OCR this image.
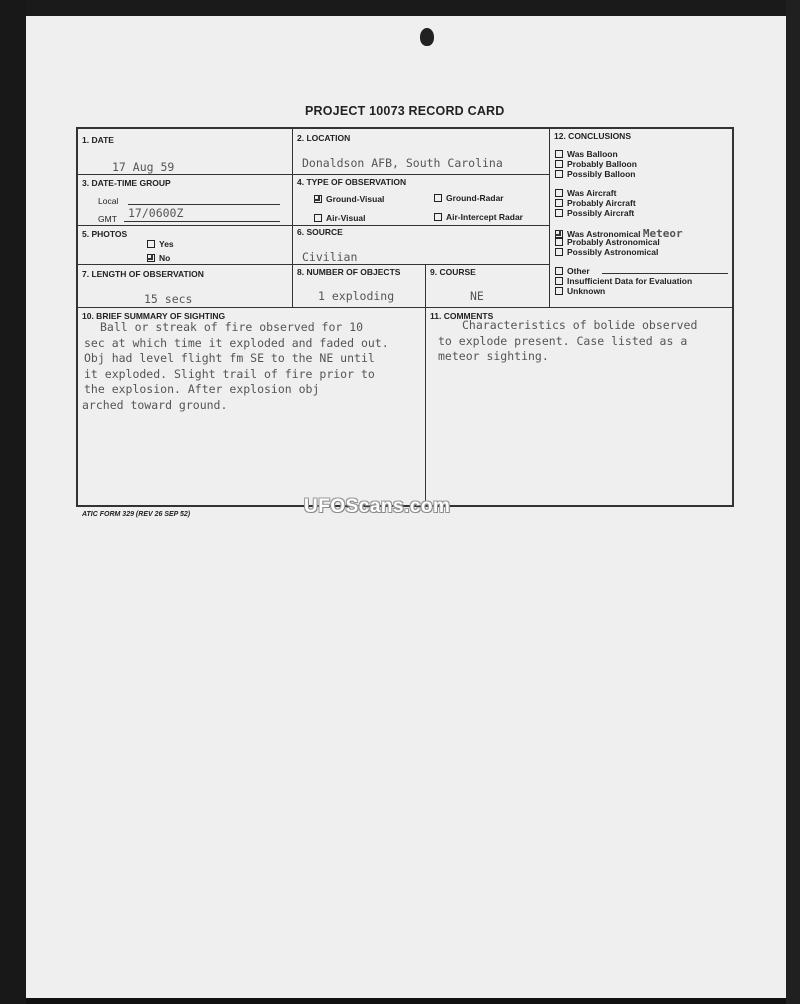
PROJECT 10073 RECORD CARD
1. DATE
17 Aug 59
2. LOCATION
Donaldson AFB, South Carolina
3. DATE-TIME GROUP
Local
GMT 17/0600Z
4. TYPE OF OBSERVATION
Ground-Visual	Ground-Radar
Air-Visual	Air-Intercept Radar
5. PHOTOS
Yes
No
6. SOURCE
Civilian
7. LENGTH OF OBSERVATION
15 secs
8. NUMBER OF OBJECTS
1 exploding
9. COURSE
NE
10. BRIEF SUMMARY OF SIGHTING
Ball or streak of fire observed for 10
sec at which time it exploded and faded out.
Obj had level flight fm SE to the NE until
it exploded. Slight trail of fire prior to
the explosion. After explosion obj
arched toward ground.
11. COMMENTS
Characteristics of bolide observed
to explode present. Case listed as a
meteor sighting.
12. CONCLUSIONS
Was Balloon
Probably Balloon
Possibly Balloon
Was Aircraft
Probably Aircraft
Possibly Aircraft
Was Astronomical Meteor
Probably Astronomical
Possibly Astronomical
Other
Insufficient Data for Evaluation
Unknown
ATIC FORM 329 (REV 26 SEP 52)	UFOScans.com
